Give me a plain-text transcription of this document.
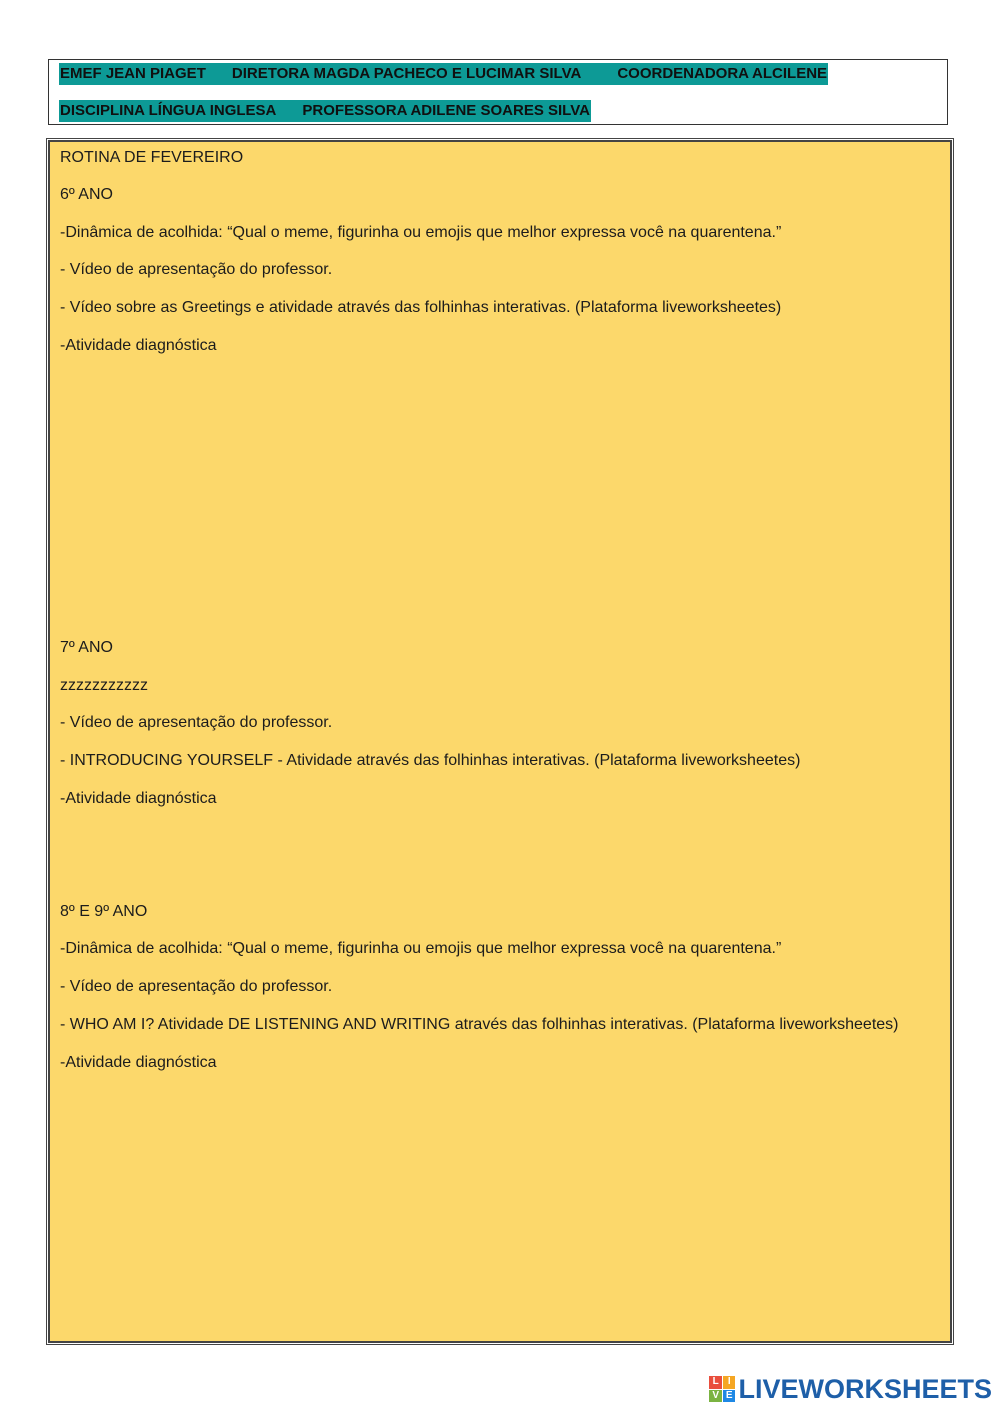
EMEF JEAN PIAGET DIRETORA MAGDA PACHECO E LUCIMAR SILVA COORDENADORA ALCILENE
DISCIPLINA LÍNGUA INGLESA PROFESSORA ADILENE SOARES SILVA
ROTINA DE FEVEREIRO
6º ANO
-Dinâmica de acolhida: “Qual o meme, figurinha ou emojis que melhor expressa você na quarentena.”
- Vídeo de apresentação do professor.
- Vídeo sobre as Greetings e atividade através das folhinhas interativas. (Plataforma liveworksheetes)
-Atividade diagnóstica
7º ANO
zzzzzzzzzzz
- Vídeo de apresentação do professor.
- INTRODUCING YOURSELF - Atividade através das folhinhas interativas. (Plataforma liveworksheetes)
-Atividade diagnóstica
8º E 9º ANO
-Dinâmica de acolhida: “Qual o meme, figurinha ou emojis que melhor expressa você na quarentena.”
- Vídeo de apresentação do professor.
- WHO AM I? Atividade DE LISTENING AND WRITING através das folhinhas interativas. (Plataforma liveworksheetes)
-Atividade diagnóstica
L I
V E LIVEWORKSHEETS
